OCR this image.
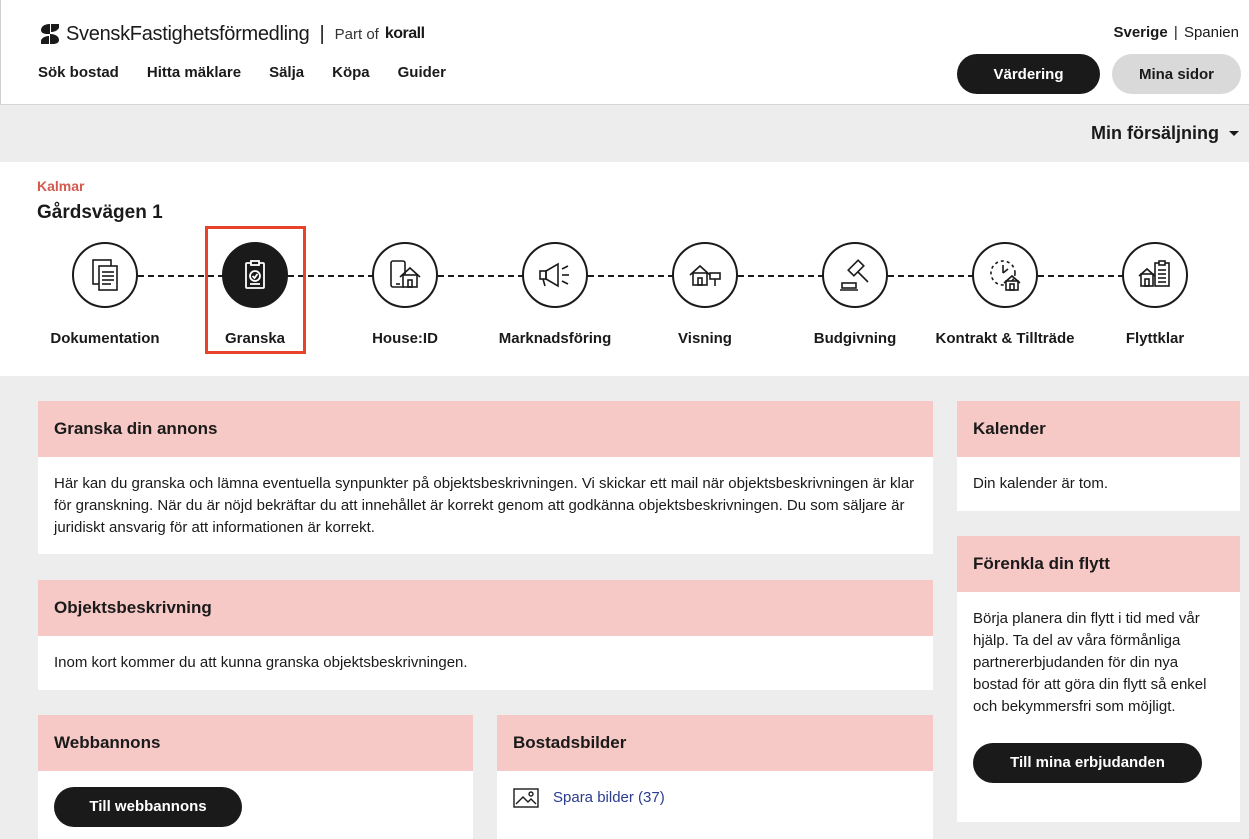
SvenskFastighetsförmedling | Part of korall
Sök bostad Hitta mäklare Sälja Köpa Guider
Sverige | Spanien
Värdering	Mina sidor
Min försäljning
Kalmar
Gårdsvägen 1
Dokumentation	Granska	House:ID	Marknadsföring	Visning	Budgivning	Kontrakt & Tillträde	Flyttklar
Granska din annons
Här kan du granska och lämna eventuella synpunkter på objektsbeskrivningen. Vi skickar ett mail när objektsbeskrivningen är klar för granskning. När du är nöjd bekräftar du att innehållet är korrekt genom att godkänna objektsbeskrivningen. Du som säljare är juridiskt ansvarig för att informationen är korrekt.
Objektsbeskrivning
Inom kort kommer du att kunna granska objektsbeskrivningen.
Webbannons
Till webbannons
Bostadsbilder
Spara bilder (37)
Kalender
Din kalender är tom.
Förenkla din flytt
Börja planera din flytt i tid med vår hjälp. Ta del av våra förmånliga partnererbjudanden för din nya bostad för att göra din flytt så enkel och bekymmersfri som möjligt.
Till mina erbjudanden
